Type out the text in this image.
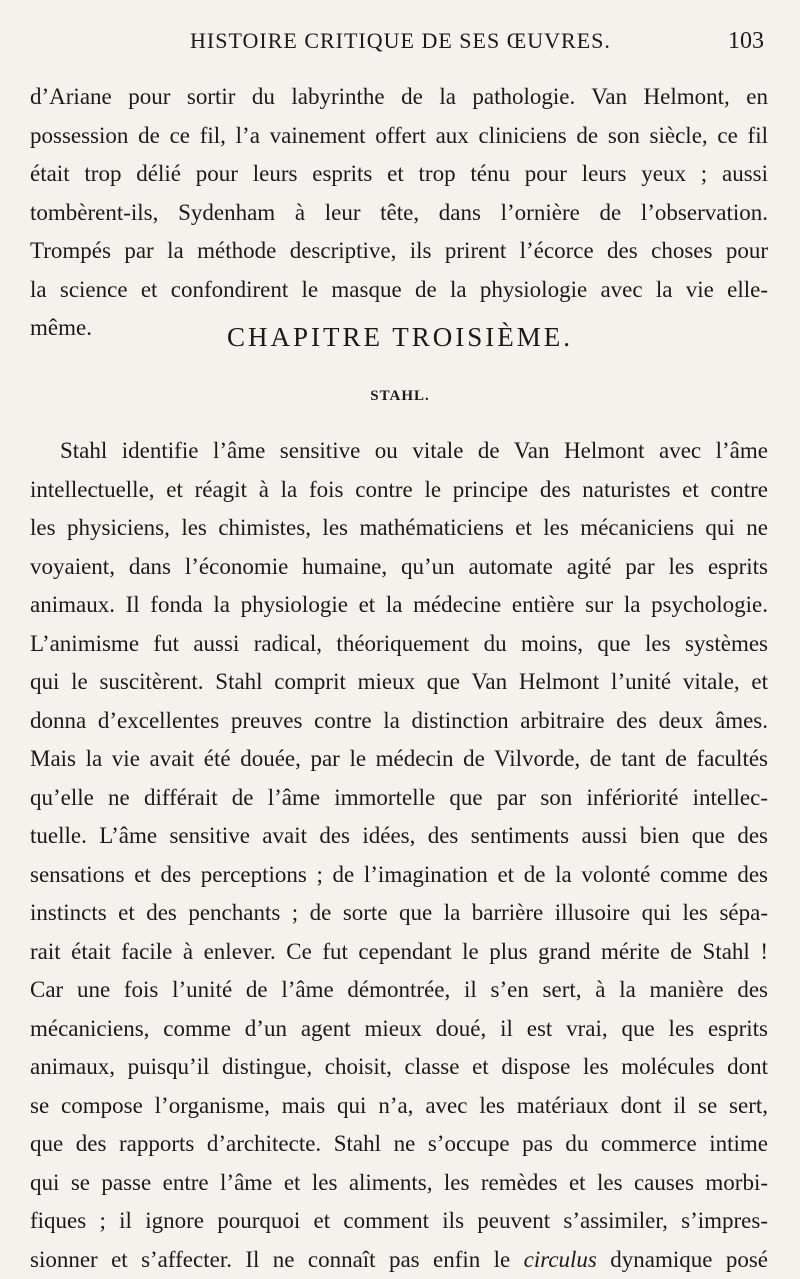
HISTOIRE CRITIQUE DE SES ŒUVRES.	103
d’Ariane pour sortir du labyrinthe de la pathologie. Van Helmont, en
possession de ce fil, l’a vainement offert aux cliniciens de son siècle, ce fil
était trop délié pour leurs esprits et trop ténu pour leurs yeux ; aussi
tombèrent-ils, Sydenham à leur tête, dans l’ornière de l’observation.
Trompés par la méthode descriptive, ils prirent l’écorce des choses pour
la science et confondirent le masque de la physiologie avec la vie elle-
même.	CHAPITRE TROISIÈME.
STAHL.
Stahl identifie l’âme sensitive ou vitale de Van Helmont avec l’âme
intellectuelle, et réagit à la fois contre le principe des naturistes et contre
les physiciens, les chimistes, les mathématiciens et les mécaniciens qui ne
voyaient, dans l’économie humaine, qu’un automate agité par les esprits
animaux. Il fonda la physiologie et la médecine entière sur la psychologie.
L’animisme fut aussi radical, théoriquement du moins, que les systèmes
qui le suscitèrent. Stahl comprit mieux que Van Helmont l’unité vitale, et
donna d’excellentes preuves contre la distinction arbitraire des deux âmes.
Mais la vie avait été douée, par le médecin de Vilvorde, de tant de facultés
qu’elle ne différait de l’âme immortelle que par son infériorité intellec-
tuelle. L’âme sensitive avait des idées, des sentiments aussi bien que des
sensations et des perceptions ; de l’imagination et de la volonté comme des
instincts et des penchants ; de sorte que la barrière illusoire qui les sépa-
rait était facile à enlever. Ce fut cependant le plus grand mérite de Stahl !
Car une fois l’unité de l’âme démontrée, il s’en sert, à la manière des
mécaniciens, comme d’un agent mieux doué, il est vrai, que les esprits
animaux, puisqu’il distingue, choisit, classe et dispose les molécules dont
se compose l’organisme, mais qui n’a, avec les matériaux dont il se sert,
que des rapports d’architecte. Stahl ne s’occupe pas du commerce intime
qui se passe entre l’âme et les aliments, les remèdes et les causes morbi-
fiques ; il ignore pourquoi et comment ils peuvent s’assimiler, s’impres-
sionner et s’affecter. Il ne connaît pas enfin le circulus dynamique posé
